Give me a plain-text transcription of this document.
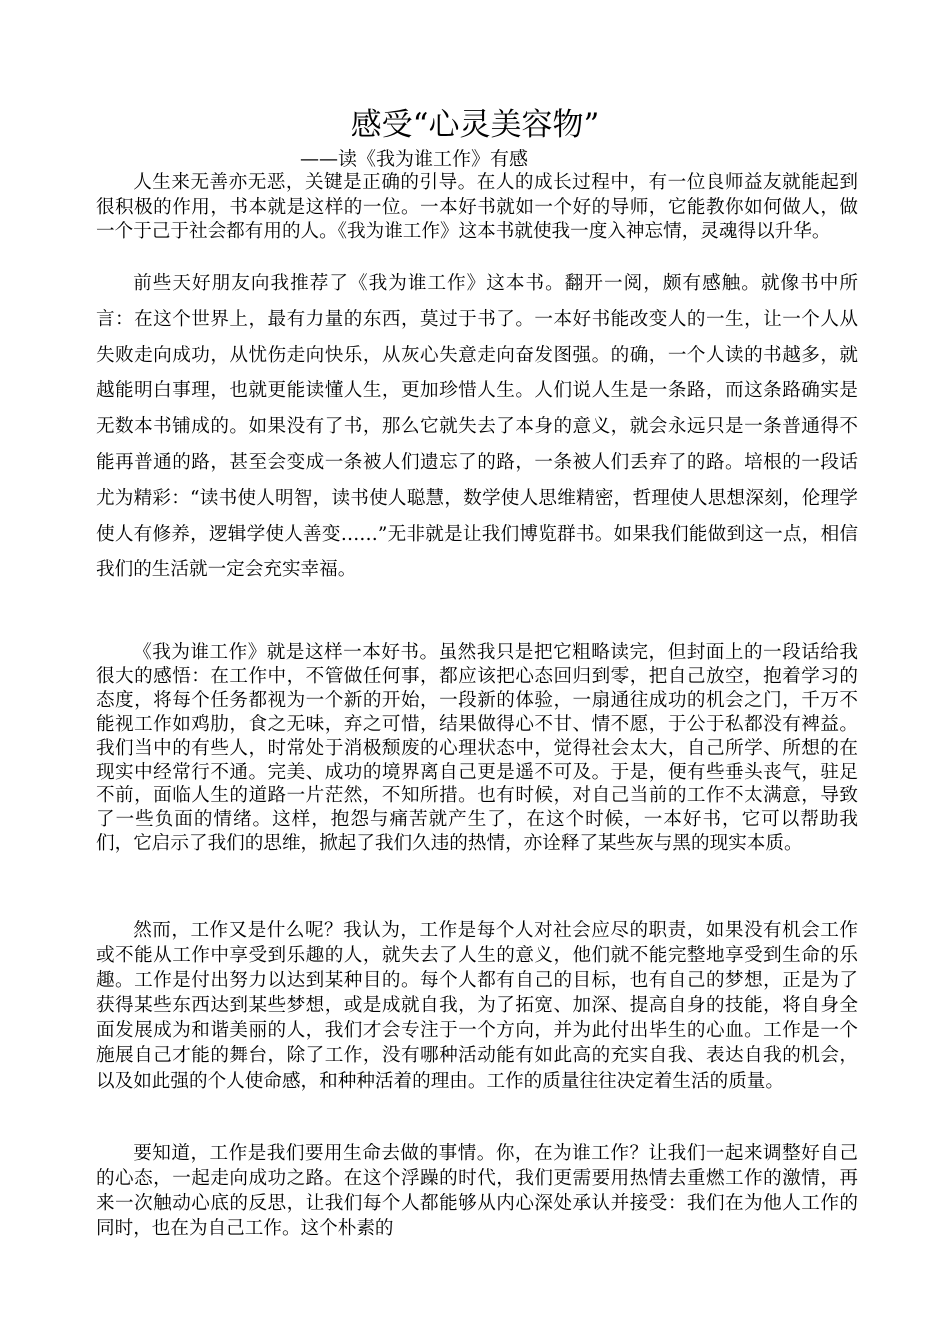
感受“心灵美容物”
——读《我为谁工作》有感

人生来无善亦无恶，关键是正确的引导。在人的成长过程中，有一位良师益友就能起到很积极的作用，书本就是这样的一位。一本好书就如一个好的导师，它能教你如何做人，做一个于己于社会都有用的人。《我为谁工作》这本书就使我一度入神忘情，灵魂得以升华。

前些天好朋友向我推荐了《我为谁工作》这本书。翻开一阅，颇有感触。就像书中所言：在这个世界上，最有力量的东西，莫过于书了。一本好书能改变人的一生，让一个人从失败走向成功，从忧伤走向快乐，从灰心失意走向奋发图强。的确，一个人读的书越多，就越能明白事理，也就更能读懂人生，更加珍惜人生。人们说人生是一条路，而这条路确实是无数本书铺成的。如果没有了书，那么它就失去了本身的意义，就会永远只是一条普通得不能再普通的路，甚至会变成一条被人们遗忘了的路，一条被人们丢弃了的路。培根的一段话尤为精彩：“读书使人明智，读书使人聪慧，数学使人思维精密，哲理使人思想深刻，伦理学使人有修养，逻辑学使人善变……”无非就是让我们博览群书。如果我们能做到这一点，相信我们的生活就一定会充实幸福。

《我为谁工作》就是这样一本好书。虽然我只是把它粗略读完，但封面上的一段话给我很大的感悟：在工作中，不管做任何事，都应该把心态回归到零，把自己放空，抱着学习的态度，将每个任务都视为一个新的开始，一段新的体验，一扇通往成功的机会之门，千万不能视工作如鸡肋，食之无味，弃之可惜，结果做得心不甘、情不愿，于公于私都没有裨益。我们当中的有些人，时常处于消极颓废的心理状态中，觉得社会太大，自己所学、所想的在现实中经常行不通。完美、成功的境界离自己更是遥不可及。于是，便有些垂头丧气，驻足不前，面临人生的道路一片茫然，不知所措。也有时候，对自己当前的工作不太满意，导致了一些负面的情绪。这样，抱怨与痛苦就产生了，在这个时候，一本好书，它可以帮助我们，它启示了我们的思维，掀起了我们久违的热情，亦诠释了某些灰与黑的现实本质。

然而，工作又是什么呢？我认为，工作是每个人对社会应尽的职责，如果没有机会工作或不能从工作中享受到乐趣的人，就失去了人生的意义，他们就不能完整地享受到生命的乐趣。工作是付出努力以达到某种目的。每个人都有自己的目标，也有自己的梦想，正是为了获得某些东西达到某些梦想，或是成就自我，为了拓宽、加深、提高自身的技能，将自身全面发展成为和谐美丽的人，我们才会专注于一个方向，并为此付出毕生的心血。工作是一个施展自己才能的舞台，除了工作，没有哪种活动能有如此高的充实自我、表达自我的机会，以及如此强的个人使命感，和种种活着的理由。工作的质量往往决定着生活的质量。

要知道，工作是我们要用生命去做的事情。你，在为谁工作？让我们一起来调整好自己的心态，一起走向成功之路。在这个浮躁的时代，我们更需要用热情去重燃工作的激情，再来一次触动心底的反思，让我们每个人都能够从内心深处承认并接受：我们在为他人工作的同时，也在为自己工作。这个朴素的
